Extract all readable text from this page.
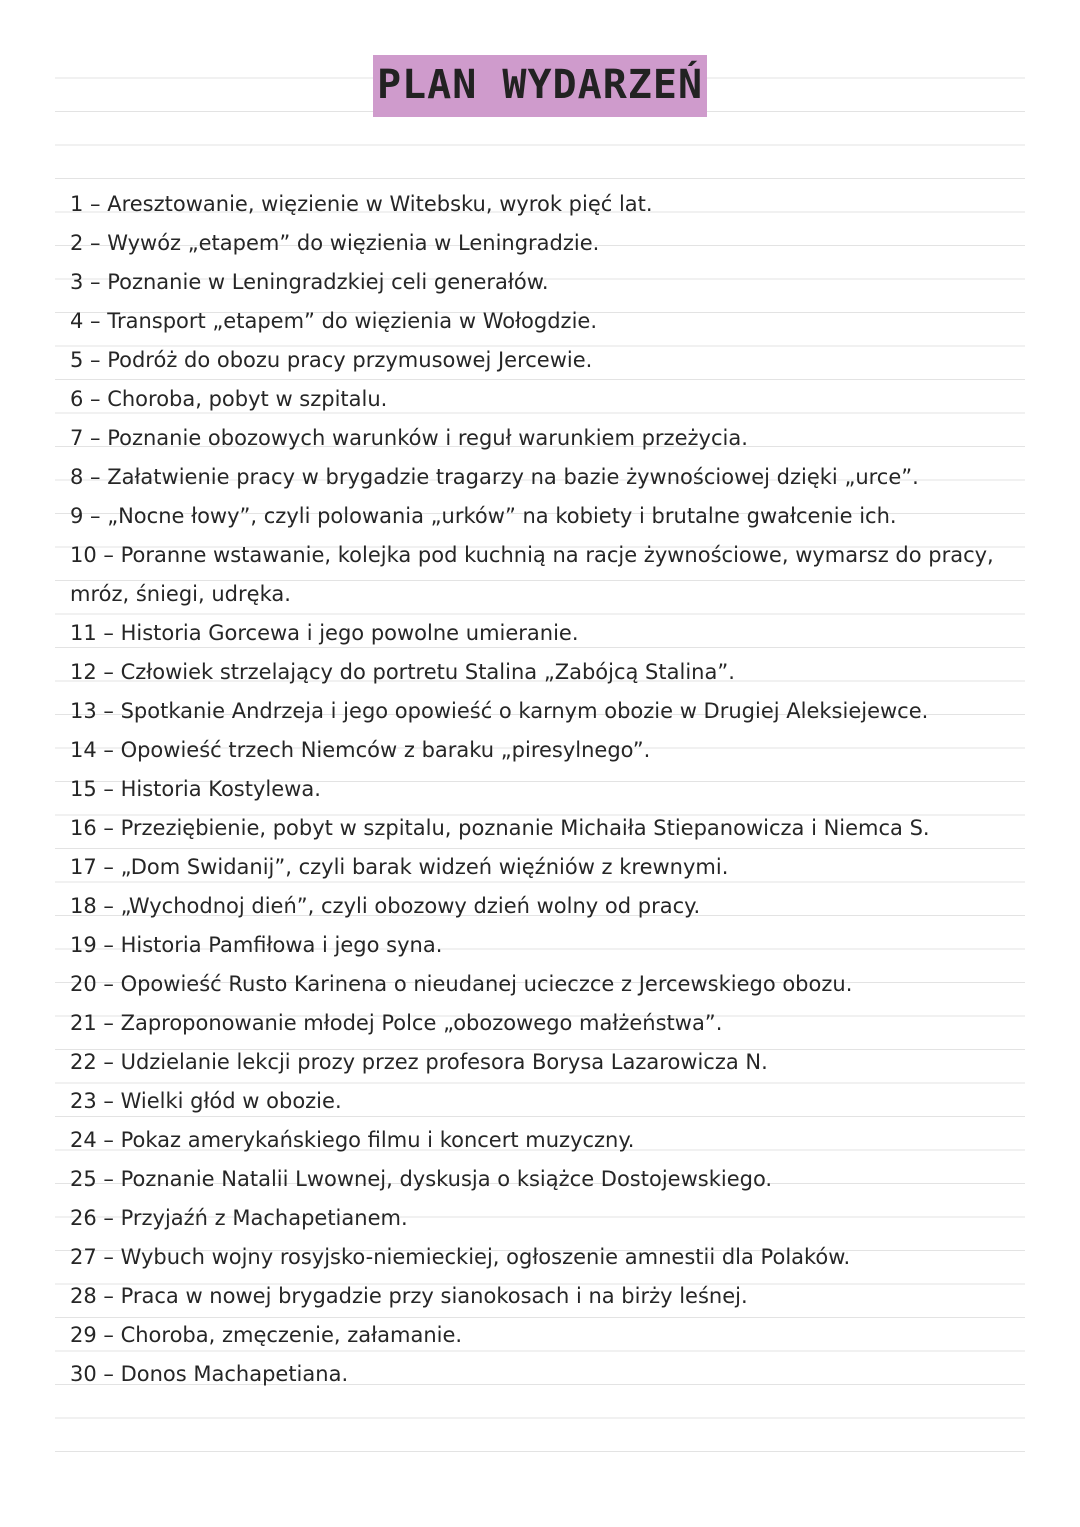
PLAN WYDARZEŃ
1 – Aresztowanie, więzienie w Witebsku, wyrok pięć lat.
2 – Wywóz „etapem” do więzienia w Leningradzie.
3 – Poznanie w Leningradzkiej celi generałów.
4 – Transport „etapem” do więzienia w Wołogdzie.
5 – Podróż do obozu pracy przymusowej Jercewie.
6 – Choroba, pobyt w szpitalu.
7 – Poznanie obozowych warunków i reguł warunkiem przeżycia.
8 – Załatwienie pracy w brygadzie tragarzy na bazie żywnościowej dzięki „urce”.
9 – „Nocne łowy”, czyli polowania „urków” na kobiety i brutalne gwałcenie ich.
10 – Poranne wstawanie, kolejka pod kuchnią na racje żywnościowe, wymarsz do pracy, mróz, śniegi, udręka.
11 – Historia Gorcewa i jego powolne umieranie.
12 – Człowiek strzelający do portretu Stalina „Zabójcą Stalina”.
13 – Spotkanie Andrzeja i jego opowieść o karnym obozie w Drugiej Aleksiejewce.
14 – Opowieść trzech Niemców z baraku „piresylnego”.
15 – Historia Kostylewa.
16 – Przeziębienie, pobyt w szpitalu, poznanie Michaiła Stiepanowicza i Niemca S.
17 – „Dom Swidanij”, czyli barak widzeń więźniów z krewnymi.
18 – „Wychodnoj dień”, czyli obozowy dzień wolny od pracy.
19 – Historia Pamfiłowa i jego syna.
20 – Opowieść Rusto Karinena o nieudanej ucieczce z Jercewskiego obozu.
21 – Zaproponowanie młodej Polce „obozowego małżeństwa”.
22 – Udzielanie lekcji prozy przez profesora Borysa Lazarowicza N.
23 – Wielki głód w obozie.
24 – Pokaz amerykańskiego filmu i koncert muzyczny.
25 – Poznanie Natalii Lwownej, dyskusja o książce Dostojewskiego.
26 – Przyjaźń z Machapetianem.
27 – Wybuch wojny rosyjsko-niemieckiej, ogłoszenie amnestii dla Polaków.
28 – Praca w nowej brygadzie przy sianokosach i na birży leśnej.
29 – Choroba, zmęczenie, załamanie.
30 – Donos Machapetiana.
